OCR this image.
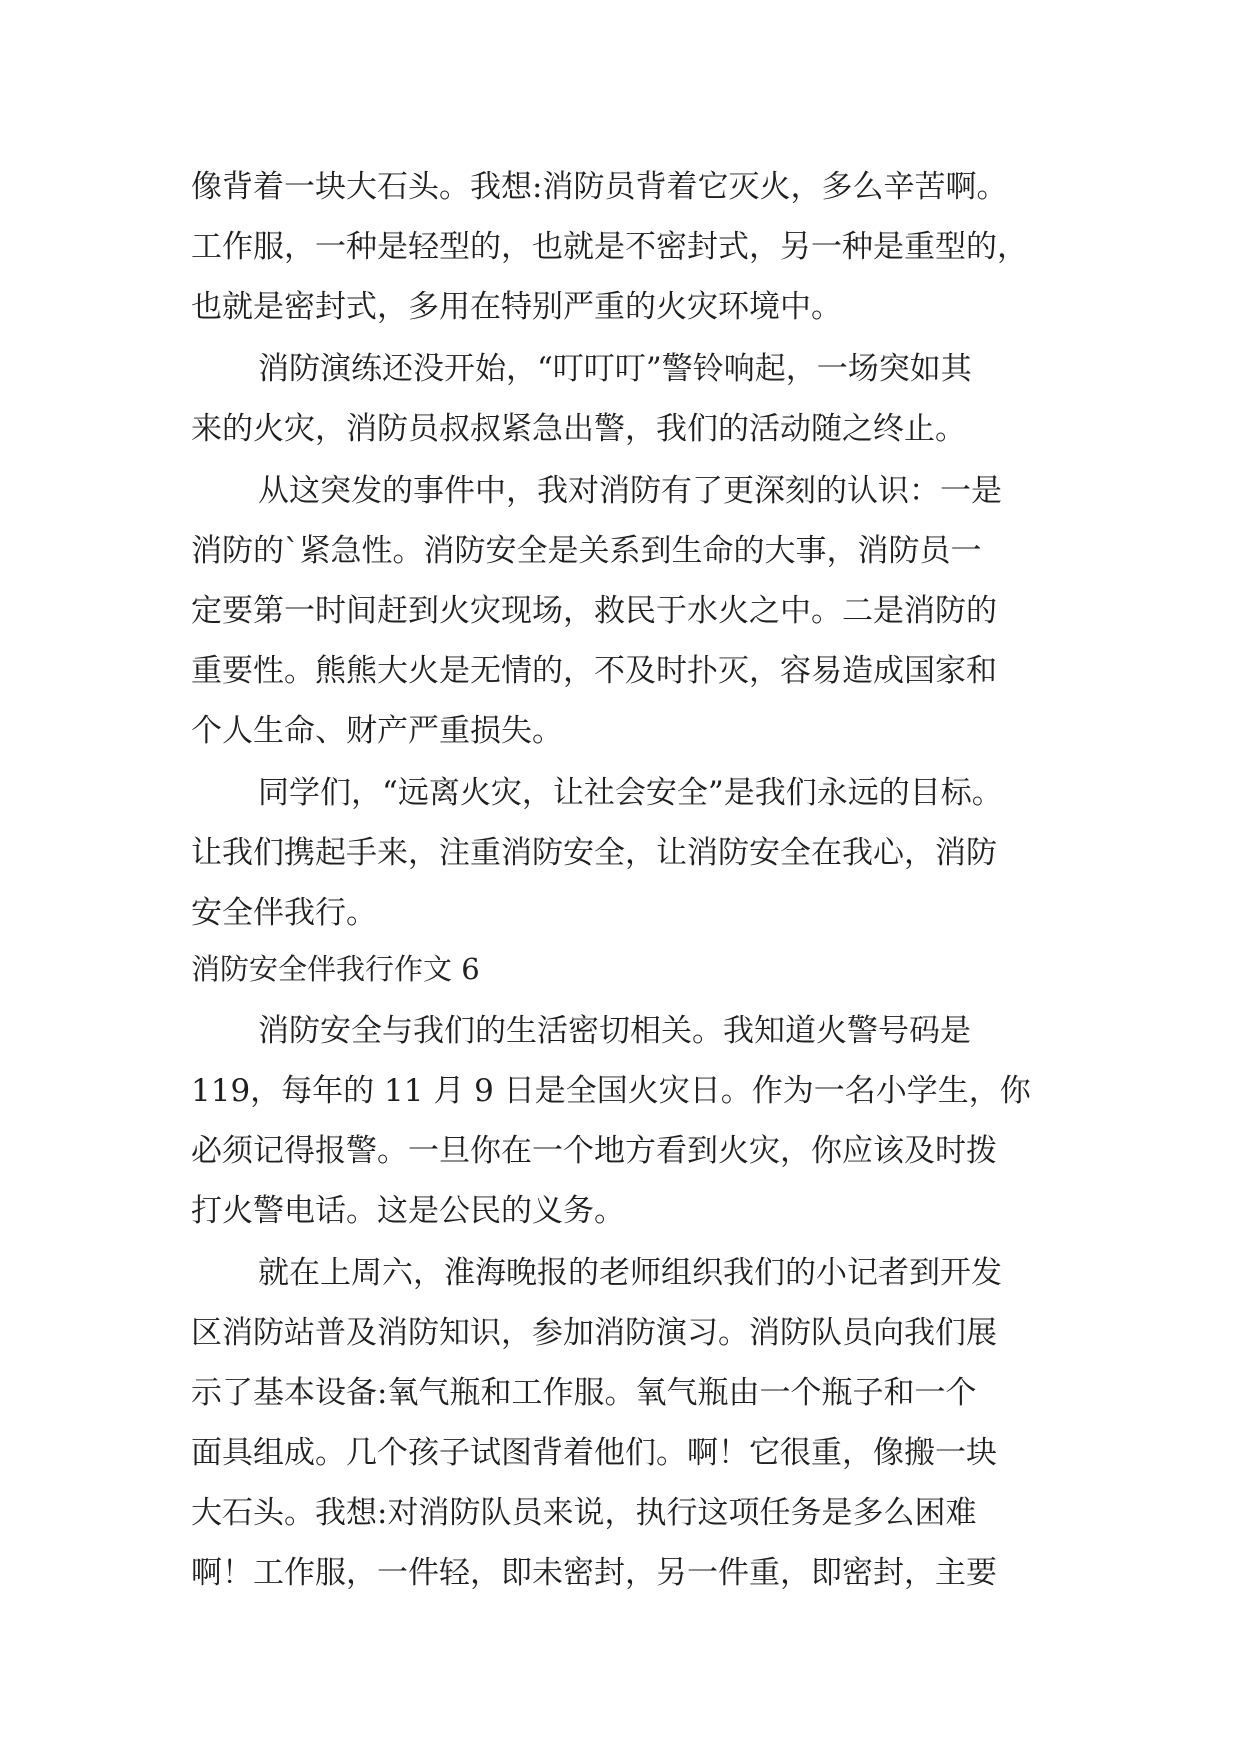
像背着一块大石头。我想:消防员背着它灭火，多么辛苦啊。
工作服，一种是轻型的，也就是不密封式，另一种是重型的，
也就是密封式，多用在特别严重的火灾环境中。
消防演练还没开始，“叮叮叮”警铃响起，一场突如其
来的火灾，消防员叔叔紧急出警，我们的活动随之终止。
从这突发的事件中，我对消防有了更深刻的认识：一是
消防的`紧急性。消防安全是关系到生命的大事，消防员一
定要第一时间赶到火灾现场，救民于水火之中。二是消防的
重要性。熊熊大火是无情的，不及时扑灭，容易造成国家和
个人生命、财产严重损失。
同学们，“远离火灾，让社会安全”是我们永远的目标。
让我们携起手来，注重消防安全，让消防安全在我心，消防
安全伴我行。
消防安全伴我行作文 6
消防安全与我们的生活密切相关。我知道火警号码是
119，每年的 11 月 9 日是全国火灾日。作为一名小学生，你
必须记得报警。一旦你在一个地方看到火灾，你应该及时拨
打火警电话。这是公民的义务。
就在上周六，淮海晚报的老师组织我们的小记者到开发
区消防站普及消防知识，参加消防演习。消防队员向我们展
示了基本设备:氧气瓶和工作服。氧气瓶由一个瓶子和一个
面具组成。几个孩子试图背着他们。啊！它很重，像搬一块
大石头。我想:对消防队员来说，执行这项任务是多么困难
啊！工作服，一件轻，即未密封，另一件重，即密封，主要
